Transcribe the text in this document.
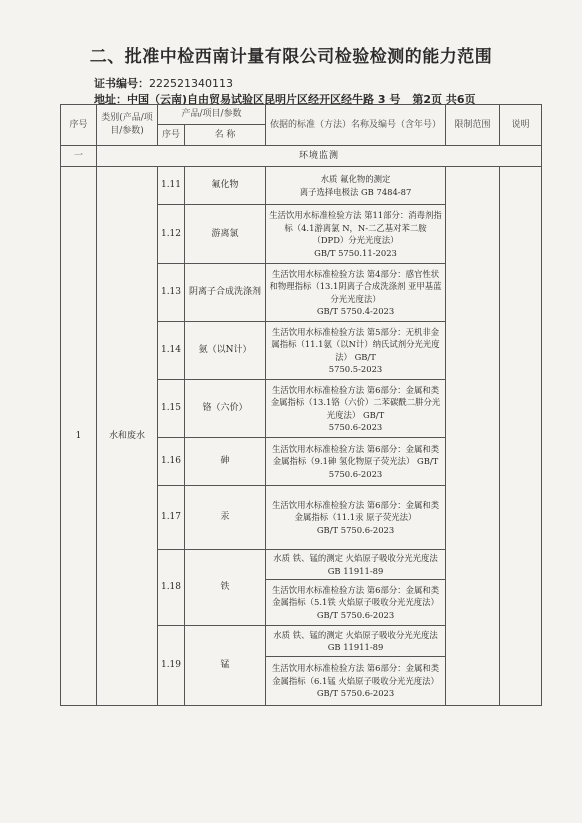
二、批准中检西南计量有限公司检验检测的能力范围
证书编号：222521340113
地址：中国（云南)自由贸易试验区昆明片区经开区经牛路 3 号 第2页 共6页
序号	类别(产品/项目/参数)	产品/项目/参数		依据的标准（方法）名称及编号（含年号）	限制范围	说明
		序号	名 称			
一	环境监测					
1	水和废水	1.11	氟化物	水质 氟化物的测定
离子选择电极法 GB 7484-87		
		1.12	游离氯	生活饮用水标准检验方法 第11部分：消毒剂指标（4.1游离氯 N，N-二乙基对苯二胺（DPD）分光光度法）
GB/T 5750.11-2023		
		1.13	阴离子合成洗涤剂	生活饮用水标准检验方法 第4部分：感官性状和物理指标（13.1阴离子合成洗涤剂 亚甲基蓝分光光度法）
GB/T 5750.4-2023		
		1.14	氨（以N计）	生活饮用水标准检验方法 第5部分：无机非金属指标（11.1氨（以N计）纳氏试剂分光光度法） GB/T
5750.5-2023		
		1.15	铬（六价）	生活饮用水标准检验方法 第6部分：金属和类金属指标（13.1铬（六价）二苯碳酰二肼分光光度法） GB/T
5750.6-2023		
		1.16	砷	生活饮用水标准检验方法 第6部分：金属和类金属指标（9.1砷 氢化物原子荧光法） GB/T 5750.6-2023		
		1.17	汞	生活饮用水标准检验方法 第6部分：金属和类金属指标（11.1汞 原子荧光法）
GB/T 5750.6-2023		
		1.18	铁	水质 铁、锰的测定 火焰原子吸收分光光度法 GB 11911-89		
				生活饮用水标准检验方法 第6部分：金属和类金属指标（5.1铁 火焰原子吸收分光光度法）GB/T 5750.6-2023		
		1.19	锰	水质 铁、锰的测定 火焰原子吸收分光光度法 GB 11911-89		
				生活饮用水标准检验方法 第6部分：金属和类金属指标（6.1锰 火焰原子吸收分光光度法）GB/T 5750.6-2023		
